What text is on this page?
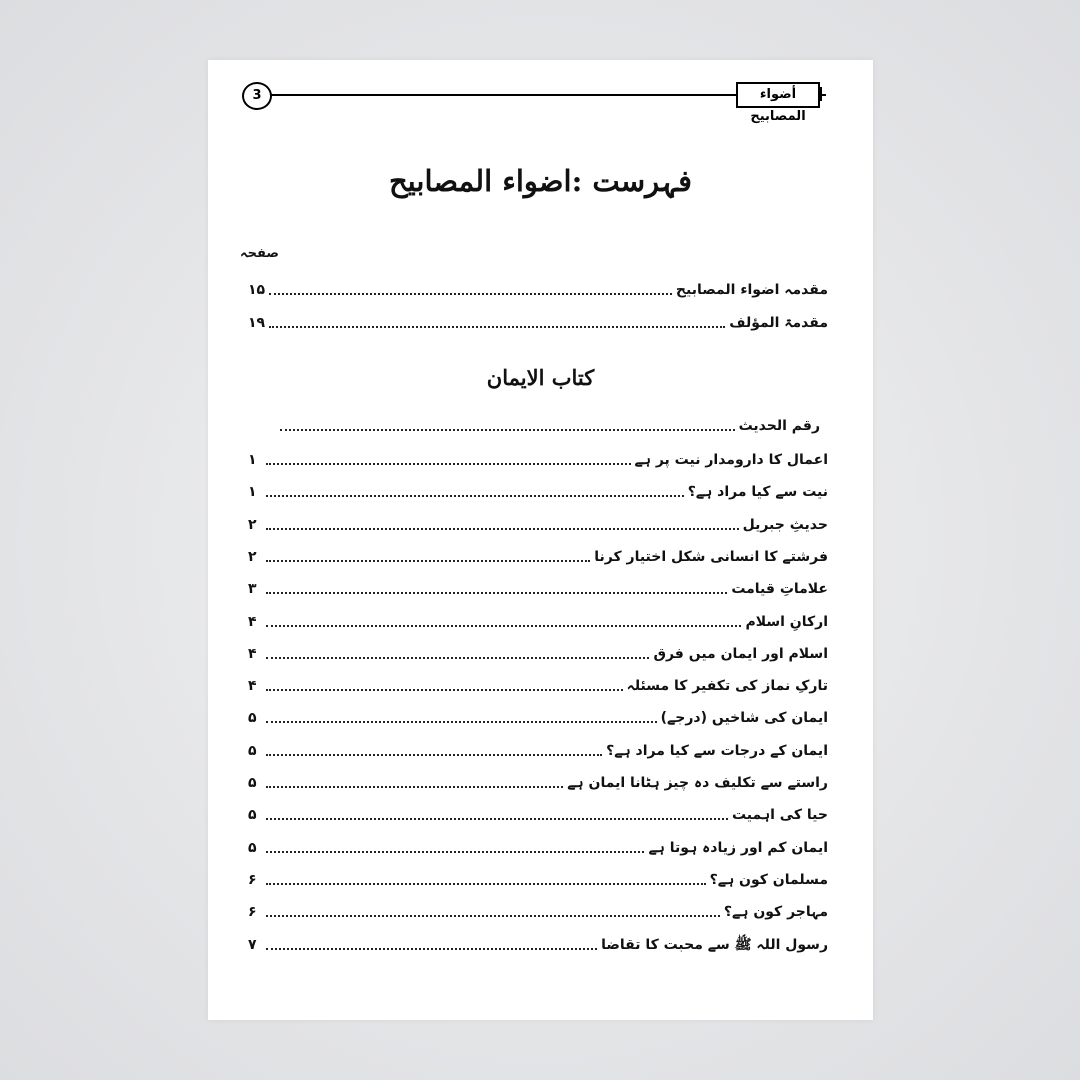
3	أضواء المصابيح
فہرست :اضواء المصابیح
صفحہ
۱۵	مقدمہ اضواء المصابیح
۱۹	مقدمۃ المؤلف
کتاب الایمان
رقم الحدیث
۱	اعمال کا دارومدار نیت پر ہے
۱	نیت سے کیا مراد ہے؟
۲	حدیثِ جبریل
۲	فرشتے کا انسانی شکل اختیار کرنا
۳	علاماتِ قیامت
۴	ارکانِ اسلام
۴	اسلام اور ایمان میں فرق
۴	تارکِ نماز کی تکفیر کا مسئلہ
۵	ایمان کی شاخیں (درجے)
۵	ایمان کے درجات سے کیا مراد ہے؟
۵	راستے سے تکلیف دہ چیز ہٹانا ایمان ہے
۵	حیا کی اہمیت
۵	ایمان کم اور زیادہ ہوتا ہے
۶	مسلمان کون ہے؟
۶	مہاجر کون ہے؟
۷	رسول اللہ ﷺ سے محبت کا تقاضا
